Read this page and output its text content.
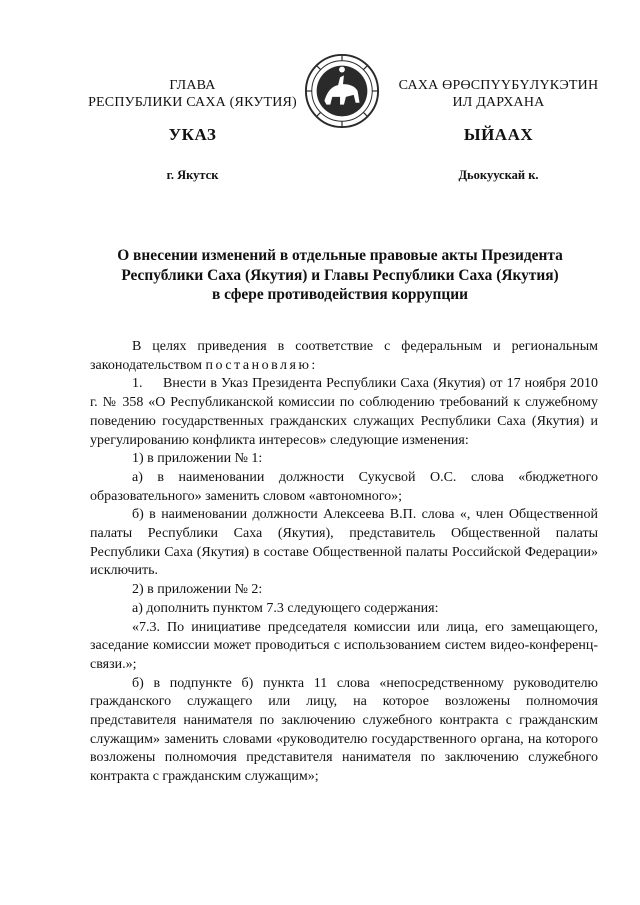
ГЛАВА
РЕСПУБЛИКИ САХА (ЯКУТИЯ)
САХА ӨРӨСПҮҮБҮЛҮКЭТИН
ИЛ ДАРХАНА
УКАЗ	ЫЙААХ
г. Якутск	Дьокуускай к.
О внесении изменений в отдельные правовые акты Президента
Республики Саха (Якутия) и Главы Республики Саха (Якутия)
в сфере противодействия коррупции

В целях приведения в соответствие с федеральным и региональным законодательством постановляю:

1.     Внести в Указ Президента Республики Саха (Якутия) от 17 ноября 2010 г. № 358 «О Республиканской комиссии по соблюдению требований к служебному поведению государственных гражданских служащих Республики Саха (Якутия) и урегулированию конфликта интересов» следующие изменения:

1) в приложении № 1:

а) в наименовании должности Сукусвой О.С. слова «бюджетного образовательного» заменить словом «автономного»;

б) в наименовании должности Алексеева В.П. слова «, член Общественной палаты Республики Саха (Якутия), представитель Общественной палаты Республики Саха (Якутия) в составе Общественной палаты Российской Федерации» исключить.

2) в приложении № 2:

а) дополнить пунктом 7.3 следующего содержания:

«7.3. По инициативе председателя комиссии или лица, его замещающего, заседание комиссии может проводиться с использованием систем видео-конференц-связи.»;

б) в подпункте б) пункта 11 слова «непосредственному руководителю гражданского служащего или лицу, на которое возложены полномочия представителя нанимателя по заключению служебного контракта с гражданским служащим» заменить словами «руководителю государственного органа, на которого возложены полномочия представителя нанимателя по заключению служебного контракта с гражданским служащим»;
